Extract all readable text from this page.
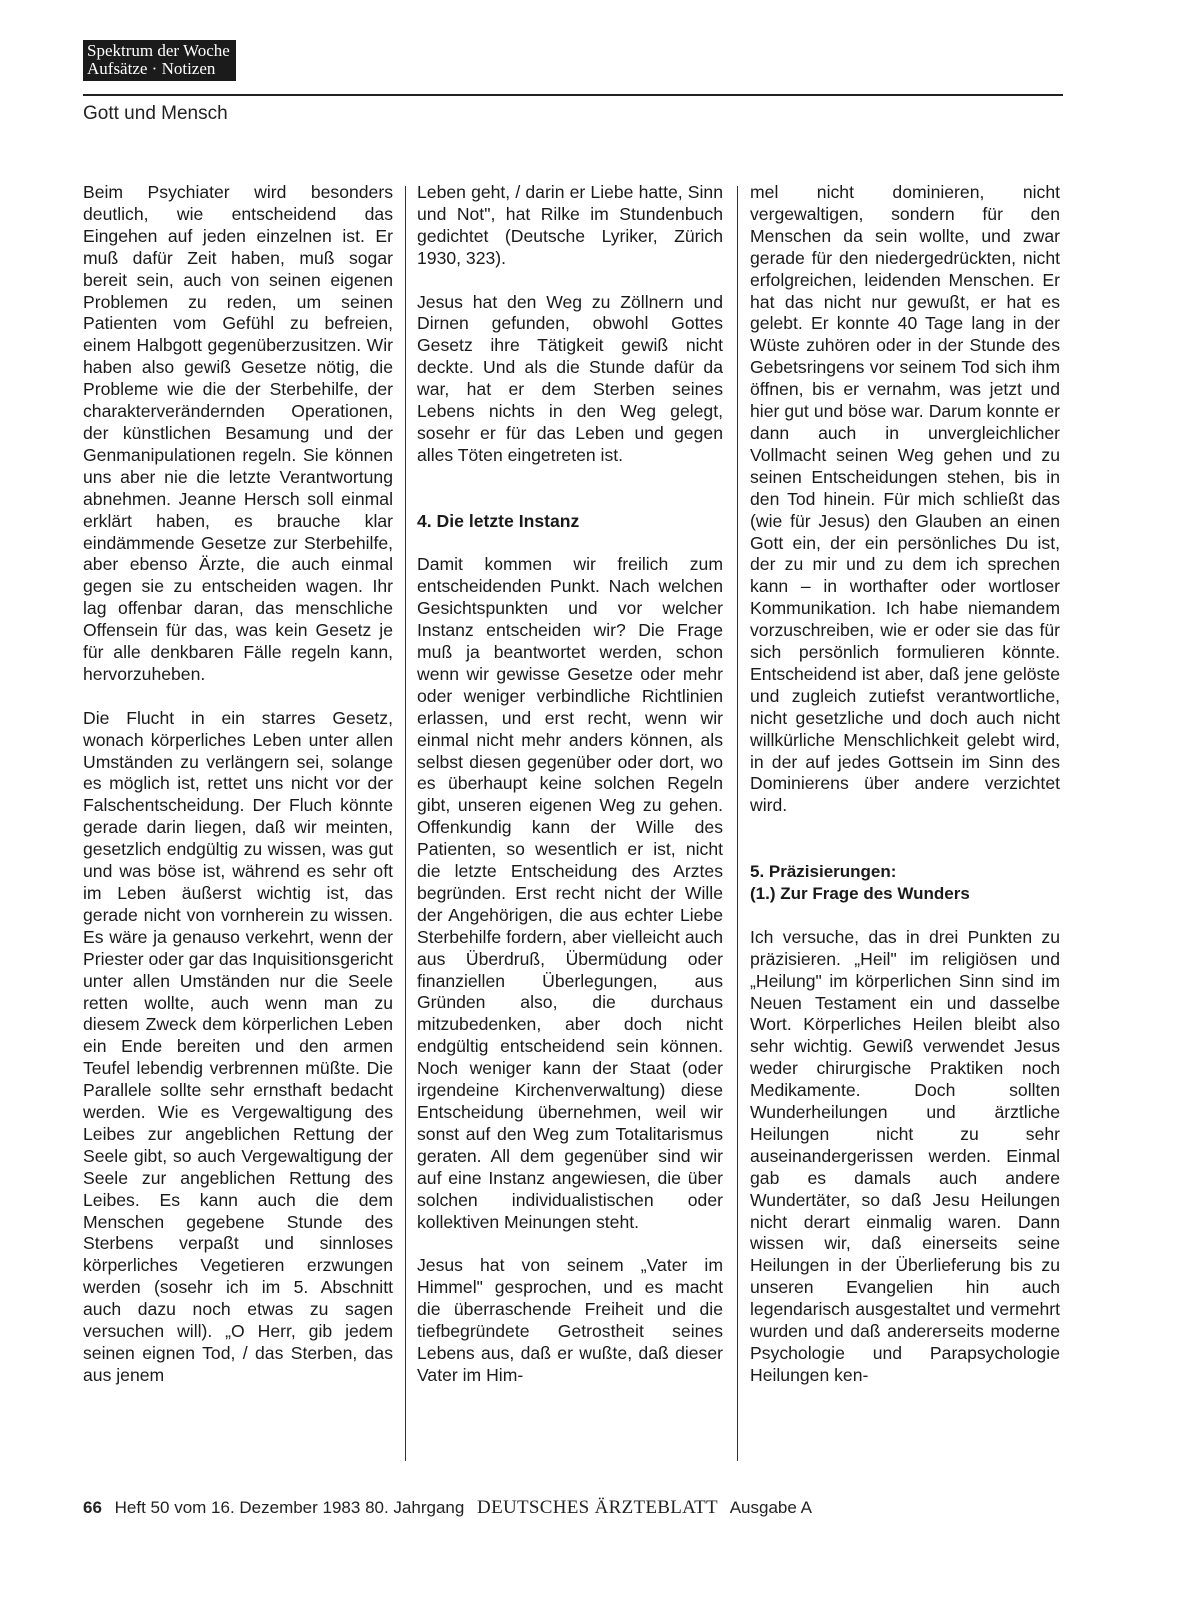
Spektrum der Woche
Aufsätze · Notizen
Gott und Mensch

Beim Psychiater wird besonders deutlich, wie entscheidend das Eingehen auf jeden einzelnen ist. Er muß dafür Zeit haben, muß sogar bereit sein, auch von seinen eigenen Problemen zu reden, um seinen Patienten vom Gefühl zu befreien, einem Halbgott gegenüberzusitzen. Wir haben also gewiß Gesetze nötig, die Probleme wie die der Sterbehilfe, der charakterverändernden Operationen, der künstlichen Besamung und der Genmanipulationen regeln. Sie können uns aber nie die letzte Verantwortung abnehmen. Jeanne Hersch soll einmal erklärt haben, es brauche klar eindämmende Gesetze zur Sterbehilfe, aber ebenso Ärzte, die auch einmal gegen sie zu entscheiden wagen. Ihr lag offenbar daran, das menschliche Offensein für das, was kein Gesetz je für alle denkbaren Fälle regeln kann, hervorzuheben.

Die Flucht in ein starres Gesetz, wonach körperliches Leben unter allen Umständen zu verlängern sei, solange es möglich ist, rettet uns nicht vor der Falschentscheidung. Der Fluch könnte gerade darin liegen, daß wir meinten, gesetzlich endgültig zu wissen, was gut und was böse ist, während es sehr oft im Leben äußerst wichtig ist, das gerade nicht von vornherein zu wissen. Es wäre ja genauso verkehrt, wenn der Priester oder gar das Inquisitionsgericht unter allen Umständen nur die Seele retten wollte, auch wenn man zu diesem Zweck dem körperlichen Leben ein Ende bereiten und den armen Teufel lebendig verbrennen müßte. Die Parallele sollte sehr ernsthaft bedacht werden. Wie es Vergewaltigung des Leibes zur angeblichen Rettung der Seele gibt, so auch Vergewaltigung der Seele zur angeblichen Rettung des Leibes. Es kann auch die dem Menschen gegebene Stunde des Sterbens verpaßt und sinnloses körperliches Vegetieren erzwungen werden (sosehr ich im 5. Abschnitt auch dazu noch etwas zu sagen versuchen will). „O Herr, gib jedem seinen eignen Tod, / das Sterben, das aus jenem

Leben geht, / darin er Liebe hatte, Sinn und Not", hat Rilke im Stundenbuch gedichtet (Deutsche Lyriker, Zürich 1930, 323).

Jesus hat den Weg zu Zöllnern und Dirnen gefunden, obwohl Gottes Gesetz ihre Tätigkeit gewiß nicht deckte. Und als die Stunde dafür da war, hat er dem Sterben seines Lebens nichts in den Weg gelegt, sosehr er für das Leben und gegen alles Töten eingetreten ist.

4. Die letzte Instanz

Damit kommen wir freilich zum entscheidenden Punkt. Nach welchen Gesichtspunkten und vor welcher Instanz entscheiden wir? Die Frage muß ja beantwortet werden, schon wenn wir gewisse Gesetze oder mehr oder weniger verbindliche Richtlinien erlassen, und erst recht, wenn wir einmal nicht mehr anders können, als selbst diesen gegenüber oder dort, wo es überhaupt keine solchen Regeln gibt, unseren eigenen Weg zu gehen. Offenkundig kann der Wille des Patienten, so wesentlich er ist, nicht die letzte Entscheidung des Arztes begründen. Erst recht nicht der Wille der Angehörigen, die aus echter Liebe Sterbehilfe fordern, aber vielleicht auch aus Überdruß, Übermüdung oder finanziellen Überlegungen, aus Gründen also, die durchaus mitzubedenken, aber doch nicht endgültig entscheidend sein können. Noch weniger kann der Staat (oder irgendeine Kirchenverwaltung) diese Entscheidung übernehmen, weil wir sonst auf den Weg zum Totalitarismus geraten. All dem gegenüber sind wir auf eine Instanz angewiesen, die über solchen individualistischen oder kollektiven Meinungen steht.

Jesus hat von seinem „Vater im Himmel" gesprochen, und es macht die überraschende Freiheit und die tiefbegründete Getrostheit seines Lebens aus, daß er wußte, daß dieser Vater im Him-

mel nicht dominieren, nicht vergewaltigen, sondern für den Menschen da sein wollte, und zwar gerade für den niedergedrückten, nicht erfolgreichen, leidenden Menschen. Er hat das nicht nur gewußt, er hat es gelebt. Er konnte 40 Tage lang in der Wüste zuhören oder in der Stunde des Gebetsringens vor seinem Tod sich ihm öffnen, bis er vernahm, was jetzt und hier gut und böse war. Darum konnte er dann auch in unvergleichlicher Vollmacht seinen Weg gehen und zu seinen Entscheidungen stehen, bis in den Tod hinein. Für mich schließt das (wie für Jesus) den Glauben an einen Gott ein, der ein persönliches Du ist, der zu mir und zu dem ich sprechen kann – in worthafter oder wortloser Kommunikation. Ich habe niemandem vorzuschreiben, wie er oder sie das für sich persönlich formulieren könnte. Entscheidend ist aber, daß jene gelöste und zugleich zutiefst verantwortliche, nicht gesetzliche und doch auch nicht willkürliche Menschlichkeit gelebt wird, in der auf jedes Gottsein im Sinn des Dominierens über andere verzichtet wird.

5. Präzisierungen:
(1.) Zur Frage des Wunders

Ich versuche, das in drei Punkten zu präzisieren. „Heil" im religiösen und „Heilung" im körperlichen Sinn sind im Neuen Testament ein und dasselbe Wort. Körperliches Heilen bleibt also sehr wichtig. Gewiß verwendet Jesus weder chirurgische Praktiken noch Medikamente. Doch sollten Wunderheilungen und ärztliche Heilungen nicht zu sehr auseinandergerissen werden. Einmal gab es damals auch andere Wundertäter, so daß Jesu Heilungen nicht derart einmalig waren. Dann wissen wir, daß einerseits seine Heilungen in der Überlieferung bis zu unseren Evangelien hin auch legendarisch ausgestaltet und vermehrt wurden und daß andererseits moderne Psychologie und Parapsychologie Heilungen ken-

66 Heft 50 vom 16. Dezember 1983 80. Jahrgang DEUTSCHES ÄRZTEBLATT Ausgabe A
